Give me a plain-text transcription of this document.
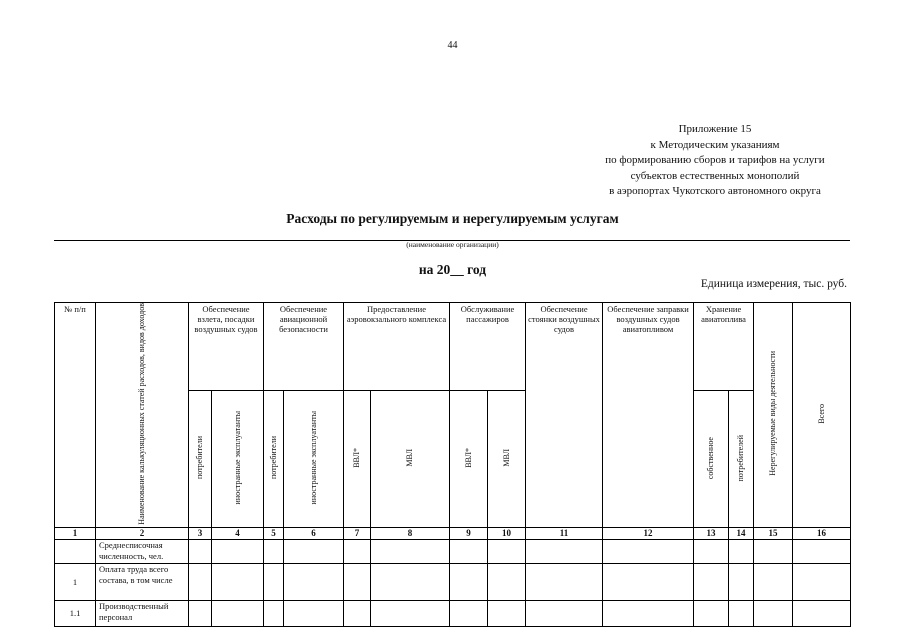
44
Приложение 15
к Методическим указаниям
по формированию сборов и тарифов на услуги
субъектов естественных монополий
в аэропортах Чукотского автономного округа
Расходы по регулируемым и нерегулируемым услугам
(наименование организации)
на 20__ год
Единица измерения, тыс. руб.
№ п/п	Наименование калькуляционных статей расходов, видов доходов	Обеспечение взлета, посадки воздушных судов		Обеспечение авиационной безопасности		Предоставление аэровокзального комплекса		Обслуживание пассажиров		Обеспечение стоянки воздушных судов	Обеспечение заправки воздушных судов авиатопливом	Хранение авиатоплива		Нерегулируемые виды деятельности	Всего
		потребители	иностранные эксплуатанты	потребители	иностранные эксплуатанты	ВВЛ*	МВЛ	ВВЛ*	МВЛ			собственное	потребителей		
1	2	3	4	5	6	7	8	9	10	11	12	13	14	15	16
	Среднесписочная численность, чел.														
1	Оплата труда всего состава, в том числе														
1.1	Производственный персонал														
